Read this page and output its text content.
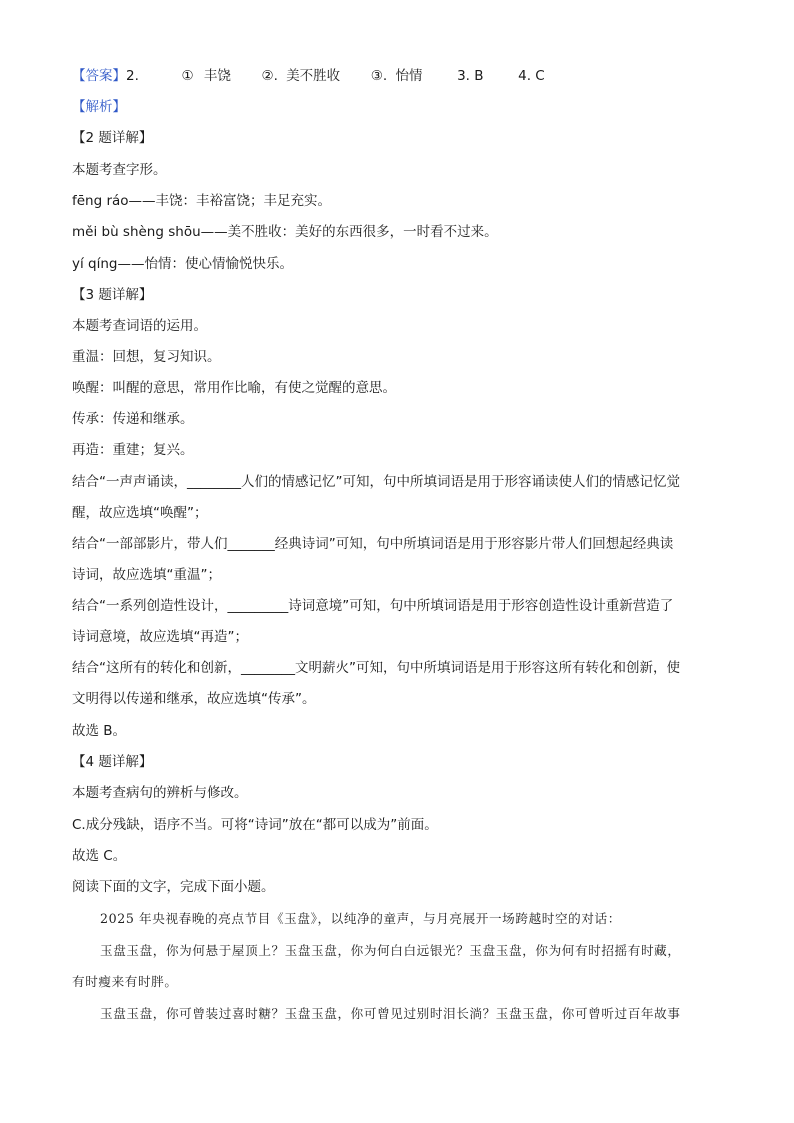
【答案】2.	① 丰饶 ②. 美不胜收 ③. 怡情	3. B	4. C
【解析】
【2 题详解】
本题考查字形。
fēng ráo——丰饶：丰裕富饶；丰足充实。
měi bù shèng shōu——美不胜收：美好的东西很多，一时看不过来。
yí qíng——怡情：使心情愉悦快乐。
【3 题详解】
本题考查词语的运用。
重温：回想，复习知识。
唤醒：叫醒的意思，常用作比喻，有使之觉醒的意思。
传承：传递和继承。
再造：重建；复兴。
结合“一声声诵读，________人们的情感记忆”可知，句中所填词语是用于形容诵读使人们的情感记忆觉
醒，故应选填“唤醒”；
结合“一部部影片，带人们_______经典诗词”可知，句中所填词语是用于形容影片带人们回想起经典读
诗词，故应选填“重温”；
结合“一系列创造性设计，_________诗词意境”可知，句中所填词语是用于形容创造性设计重新营造了
诗词意境，故应选填“再造”；
结合“这所有的转化和创新，________文明薪火”可知，句中所填词语是用于形容这所有转化和创新，使
文明得以传递和继承，故应选填“传承”。
故选 B。
【4 题详解】
本题考查病句的辨析与修改。
C.成分残缺，语序不当。可将“诗词”放在“都可以成为”前面。
故选 C。
阅读下面的文字，完成下面小题。
2025 年央视春晚的亮点节目《玉盘》，以纯净的童声，与月亮展开一场跨越时空的对话：
玉盘玉盘，你为何悬于屋顶上？玉盘玉盘，你为何白白远银光？玉盘玉盘，你为何有时招摇有时藏，
有时瘦来有时胖。
玉盘玉盘，你可曾装过喜时糖？玉盘玉盘，你可曾见过别时泪长淌？玉盘玉盘，你可曾听过百年故事
